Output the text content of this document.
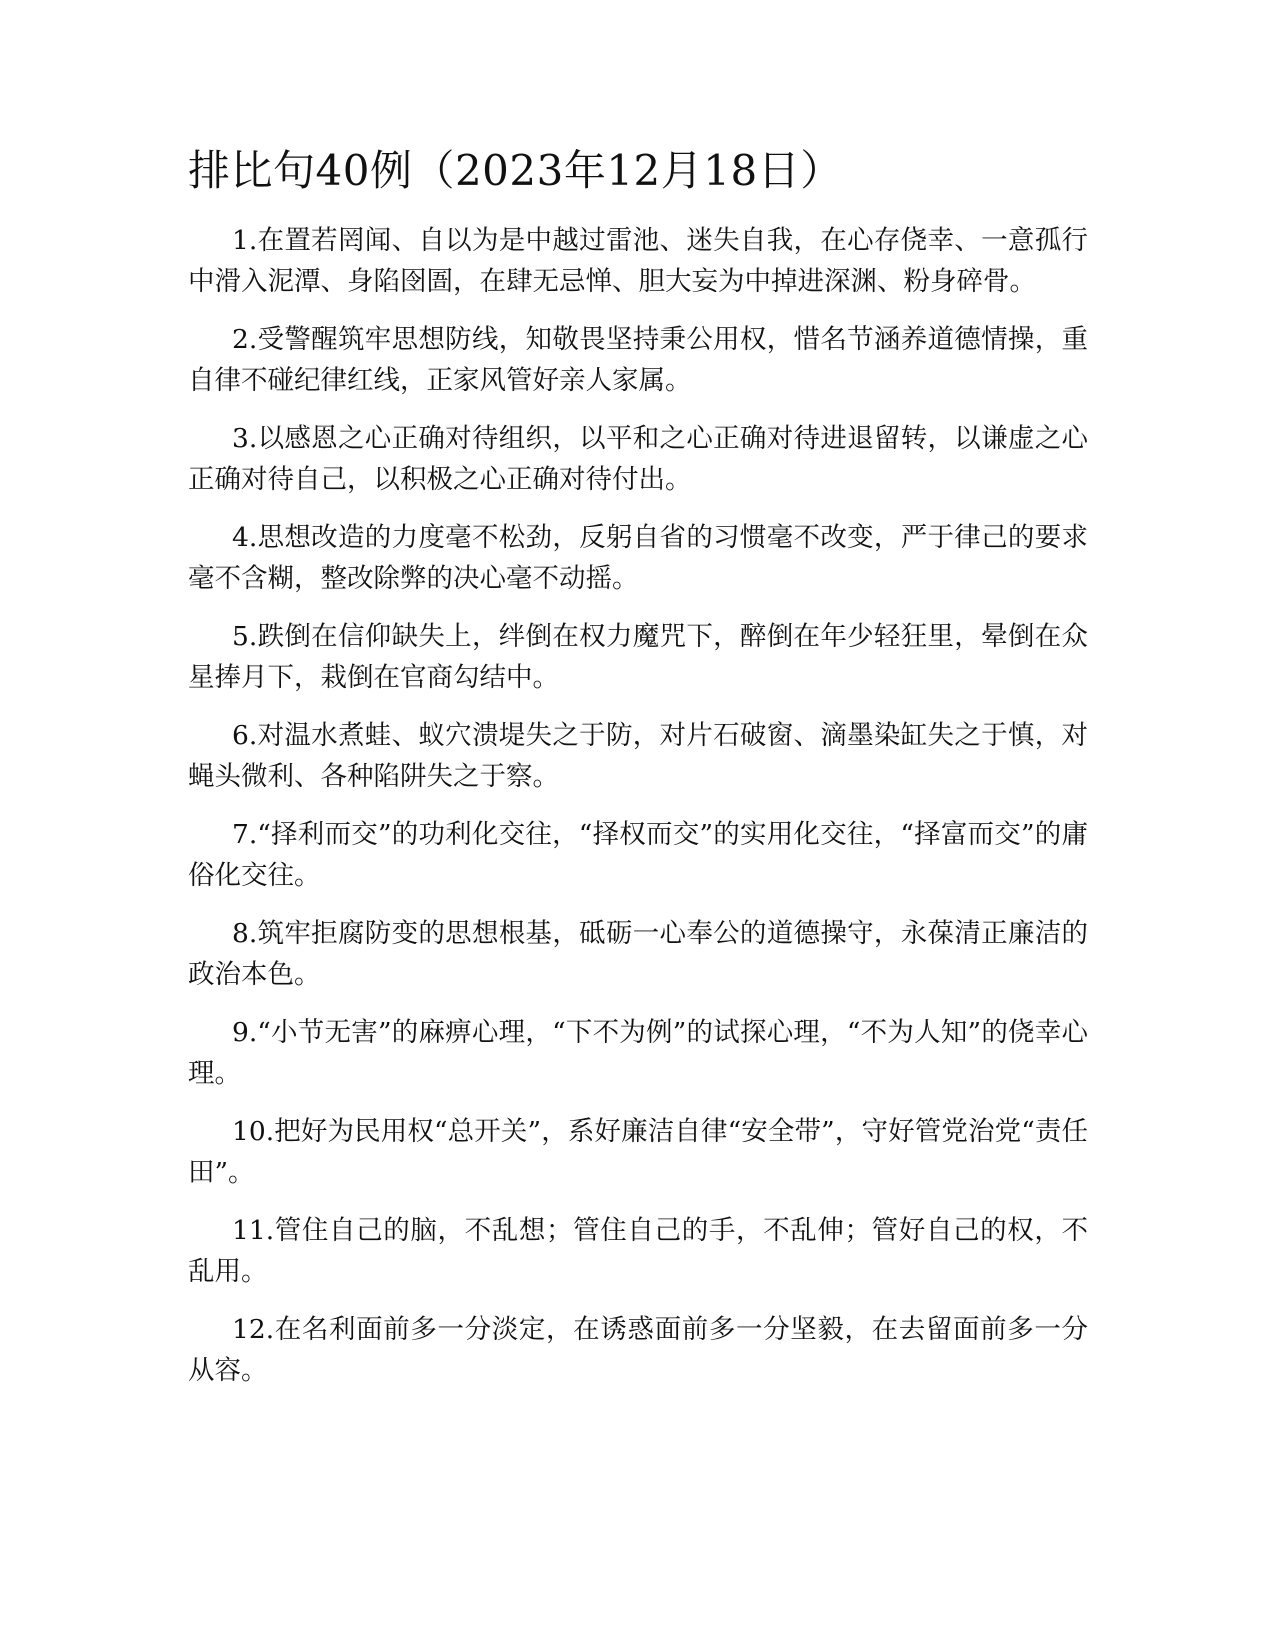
排比句40例（2023年12月18日）

1.在置若罔闻、自以为是中越过雷池、迷失自我，在心存侥幸、一意孤行中滑入泥潭、身陷囹圄，在肆无忌惮、胆大妄为中掉进深渊、粉身碎骨。

2.受警醒筑牢思想防线，知敬畏坚持秉公用权，惜名节涵养道德情操，重自律不碰纪律红线，正家风管好亲人家属。

3.以感恩之心正确对待组织，以平和之心正确对待进退留转，以谦虚之心正确对待自己，以积极之心正确对待付出。

4.思想改造的力度毫不松劲，反躬自省的习惯毫不改变，严于律己的要求毫不含糊，整改除弊的决心毫不动摇。

5.跌倒在信仰缺失上，绊倒在权力魔咒下，醉倒在年少轻狂里，晕倒在众星捧月下，栽倒在官商勾结中。

6.对温水煮蛙、蚁穴溃堤失之于防，对片石破窗、滴墨染缸失之于慎，对蝇头微利、各种陷阱失之于察。

7.“择利而交”的功利化交往，“择权而交”的实用化交往，“择富而交”的庸俗化交往。

8.筑牢拒腐防变的思想根基，砥砺一心奉公的道德操守，永葆清正廉洁的政治本色。

9.“小节无害”的麻痹心理，“下不为例”的试探心理，“不为人知”的侥幸心理。

10.把好为民用权“总开关”，系好廉洁自律“安全带”，守好管党治党“责任田”。

11.管住自己的脑，不乱想；管住自己的手，不乱伸；管好自己的权，不乱用。

12.在名利面前多一分淡定，在诱惑面前多一分坚毅，在去留面前多一分从容。
